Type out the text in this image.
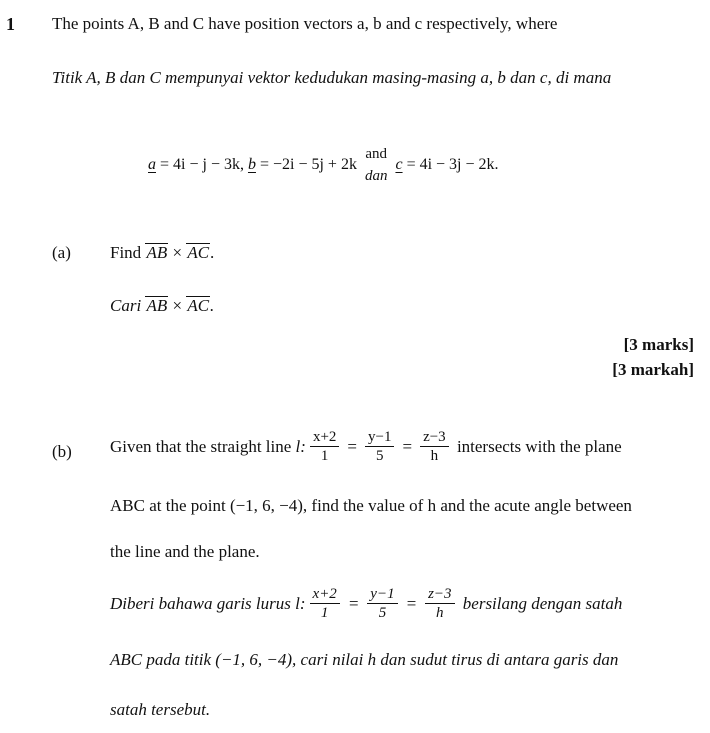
1 The points A, B and C have position vectors a, b and c respectively, where
Titik A, B dan C mempunyai vektor kedudukan masing-masing a, b dan c, di mana
a = 4i − j − 3k,
b = −2i − 5j + 2k
and
dan
c = 4i − 3j − 2k.
(a) Find AB × AC.
Cari AB × AC.
[3 marks]
[3 markah]
(b) Given that the straight line
l: $\frac{x+2}{1} = \frac{y-1}{5} = \frac{z-3}{h}$
intersects with the plane
ABC at the point (−1, 6, −4), find the value of h and the acute angle between
the line and the plane.
Diberi bahawa garis lurus
l: $\frac{x+2}{1} = \frac{y-1}{5} = \frac{z-3}{h}$
bersilang dengan satah
ABC pada titik (−1, 6, −4), cari nilai h dan sudut tirus di antara garis dan
satah tersebut.
